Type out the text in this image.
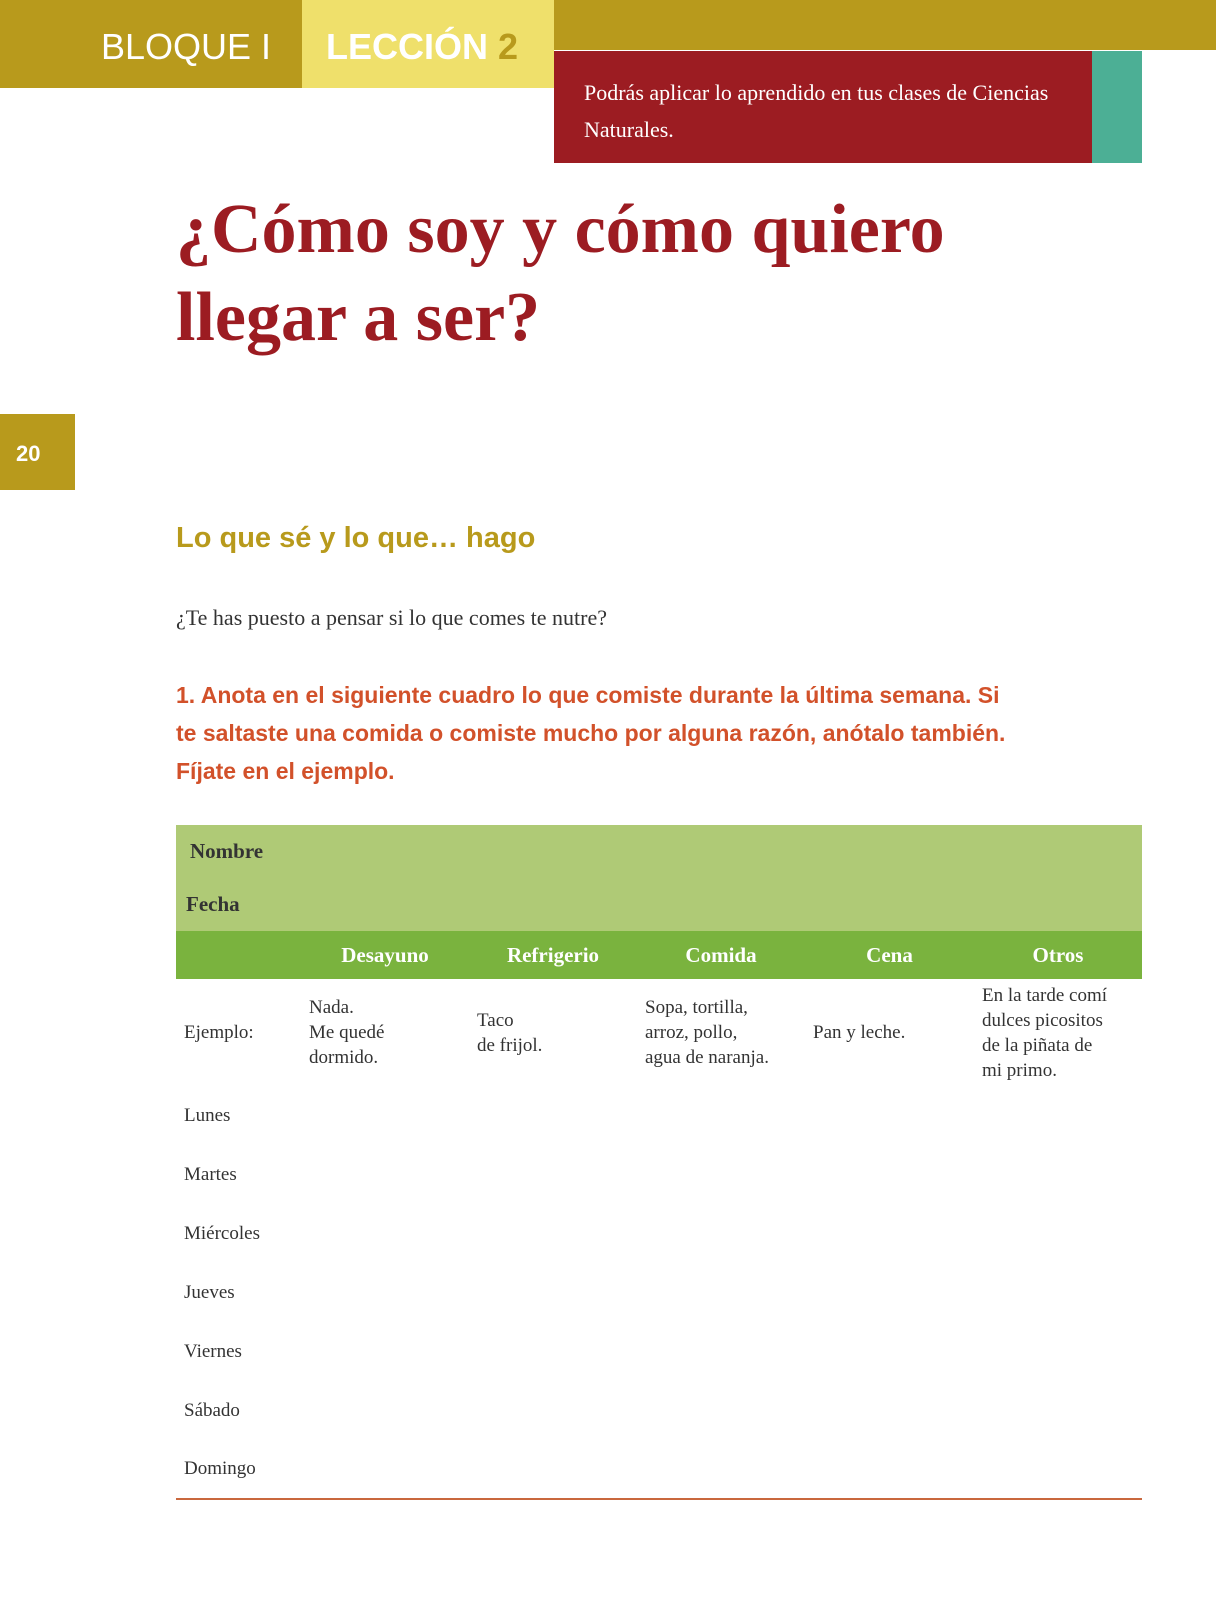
BLOQUE I LECCIÓN 2
Podrás aplicar lo aprendido en tus clases de Ciencias Naturales.
¿Cómo soy y cómo quiero llegar a ser?
20
Lo que sé y lo que… hago

¿Te has puesto a pensar si lo que comes te nutre?

1. Anota en el siguiente cuadro lo que comiste durante la última semana. Si te saltaste una comida o comiste mucho por alguna razón, anótalo también. Fíjate en el ejemplo.

Nombre					
Fecha					
	Desayuno	Refrigerio	Comida	Cena	Otros
Ejemplo:	Nada.
Me quedé
dormido.	Taco
de frijol.	Sopa, tortilla,
arroz, pollo,
agua de naranja.	Pan y leche.	En la tarde comí
dulces picositos
de la piñata de
mi primo.
Lunes					
Martes					
Miércoles					
Jueves					
Viernes					
Sábado					
Domingo					
